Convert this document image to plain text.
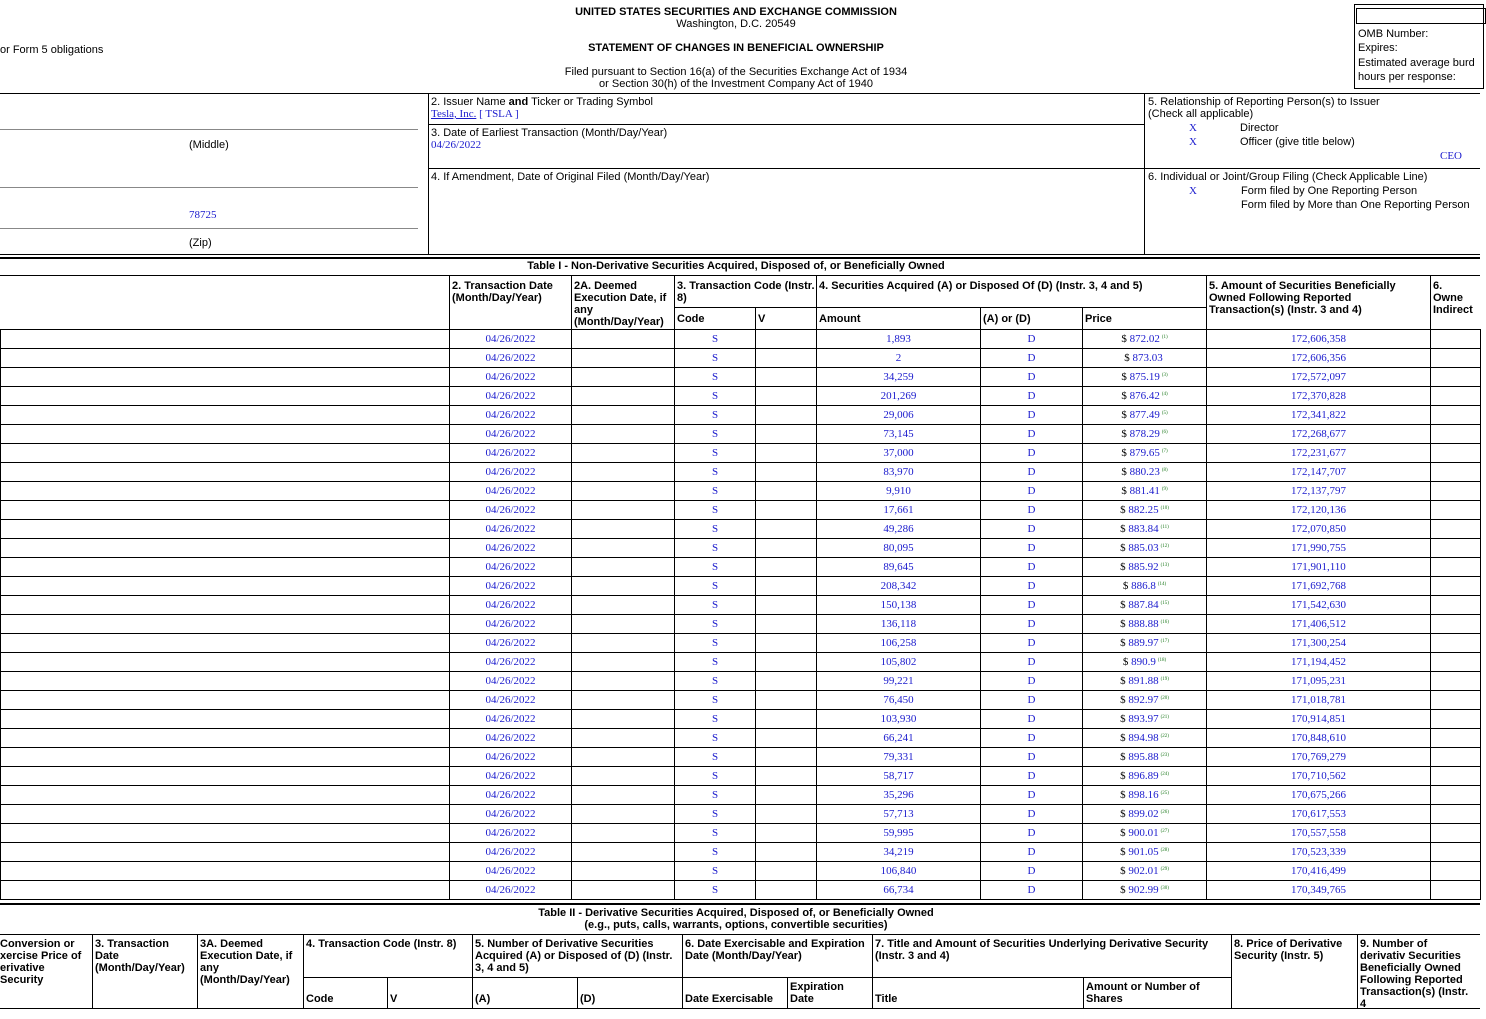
UNITED STATES SECURITIES AND EXCHANGE COMMISSION
Washington, D.C. 20549
STATEMENT OF CHANGES IN BENEFICIAL OWNERSHIP
Filed pursuant to Section 16(a) of the Securities Exchange Act of 1934
or Section 30(h) of the Investment Company Act of 1940
or Form 5 obligations
OMB Number:
Expires:
Estimated average burd
hours per response:
(Middle)
78725
(Zip)
2. Issuer Name and Ticker or Trading Symbol
Tesla, Inc. [ TSLA ]
3. Date of Earliest Transaction (Month/Day/Year)
04/26/2022
4. If Amendment, Date of Original Filed (Month/Day/Year)
5. Relationship of Reporting Person(s) to Issuer
(Check all applicable)
X	Director
X	Officer (give title below)
CEO
6. Individual or Joint/Group Filing (Check Applicable Line)
X	Form filed by One Reporting Person
Form filed by More than One Reporting Person
Table I - Non-Derivative Securities Acquired, Disposed of, or Beneficially Owned
2. Transaction Date (Month/Day/Year)
2A. Deemed Execution Date, if any (Month/Day/Year)
3. Transaction Code (Instr. 8)
4. Securities Acquired (A) or Disposed Of (D) (Instr. 3, 4 and 5)	5. Amount of Securities Beneficially Owned Following Reported Transaction(s) (Instr. 3 and 4)
6. Owne Indirect
Code	V	Amount	(A) or (D)	Price
	04/26/2022		S		1,893	D	$ 872.02 $^{(1)}$	172,606,358	
	04/26/2022		S		2	D	$ 873.03	172,606,356	
	04/26/2022		S		34,259	D	$ 875.19 $^{(3)}$	172,572,097	
	04/26/2022		S		201,269	D	$ 876.42 $^{(4)}$	172,370,828	
	04/26/2022		S		29,006	D	$ 877.49 $^{(5)}$	172,341,822	
	04/26/2022		S		73,145	D	$ 878.29 $^{(6)}$	172,268,677	
	04/26/2022		S		37,000	D	$ 879.65 $^{(7)}$	172,231,677	
	04/26/2022		S		83,970	D	$ 880.23 $^{(8)}$	172,147,707	
	04/26/2022		S		9,910	D	$ 881.41 $^{(9)}$	172,137,797	
	04/26/2022		S		17,661	D	$ 882.25 $^{(10)}$	172,120,136	
	04/26/2022		S		49,286	D	$ 883.84 $^{(11)}$	172,070,850	
	04/26/2022		S		80,095	D	$ 885.03 $^{(12)}$	171,990,755	
	04/26/2022		S		89,645	D	$ 885.92 $^{(13)}$	171,901,110	
	04/26/2022		S		208,342	D	$ 886.8 $^{(14)}$	171,692,768	
	04/26/2022		S		150,138	D	$ 887.84 $^{(15)}$	171,542,630	
	04/26/2022		S		136,118	D	$ 888.88 $^{(16)}$	171,406,512	
	04/26/2022		S		106,258	D	$ 889.97 $^{(17)}$	171,300,254	
	04/26/2022		S		105,802	D	$ 890.9 $^{(18)}$	171,194,452	
	04/26/2022		S		99,221	D	$ 891.88 $^{(19)}$	171,095,231	
	04/26/2022		S		76,450	D	$ 892.97 $^{(20)}$	171,018,781	
	04/26/2022		S		103,930	D	$ 893.97 $^{(21)}$	170,914,851	
	04/26/2022		S		66,241	D	$ 894.98 $^{(22)}$	170,848,610	
	04/26/2022		S		79,331	D	$ 895.88 $^{(23)}$	170,769,279	
	04/26/2022		S		58,717	D	$ 896.89 $^{(24)}$	170,710,562	
	04/26/2022		S		35,296	D	$ 898.16 $^{(25)}$	170,675,266	
	04/26/2022		S		57,713	D	$ 899.02 $^{(26)}$	170,617,553	
	04/26/2022		S		59,995	D	$ 900.01 $^{(27)}$	170,557,558	
	04/26/2022		S		34,219	D	$ 901.05 $^{(28)}$	170,523,339	
	04/26/2022		S		106,840	D	$ 902.01 $^{(29)}$	170,416,499	
	04/26/2022		S		66,734	D	$ 902.99 $^{(30)}$	170,349,765	
Table II - Derivative Securities Acquired, Disposed of, or Beneficially Owned
(e.g., puts, calls, warrants, options, convertible securities)
Conversion or xercise Price of erivative Security
3. Transaction Date (Month/Day/Year)
3A. Deemed Execution Date, if any (Month/Day/Year)
4. Transaction Code (Instr. 8)	5. Number of Derivative Securities Acquired (A) or Disposed of (D) (Instr. 3, 4 and 5)
6. Date Exercisable and Expiration Date (Month/Day/Year)
7. Title and Amount of Securities Underlying Derivative Security (Instr. 3 and 4)
8. Price of Derivative Security (Instr. 5)
9. Number of derivativ Securities Beneficially Owned Following Reported Transaction(s) (Instr. 4
Code	V	(A)	(D)	Date Exercisable
Expiration Date	Title
Amount or Number of Shares
